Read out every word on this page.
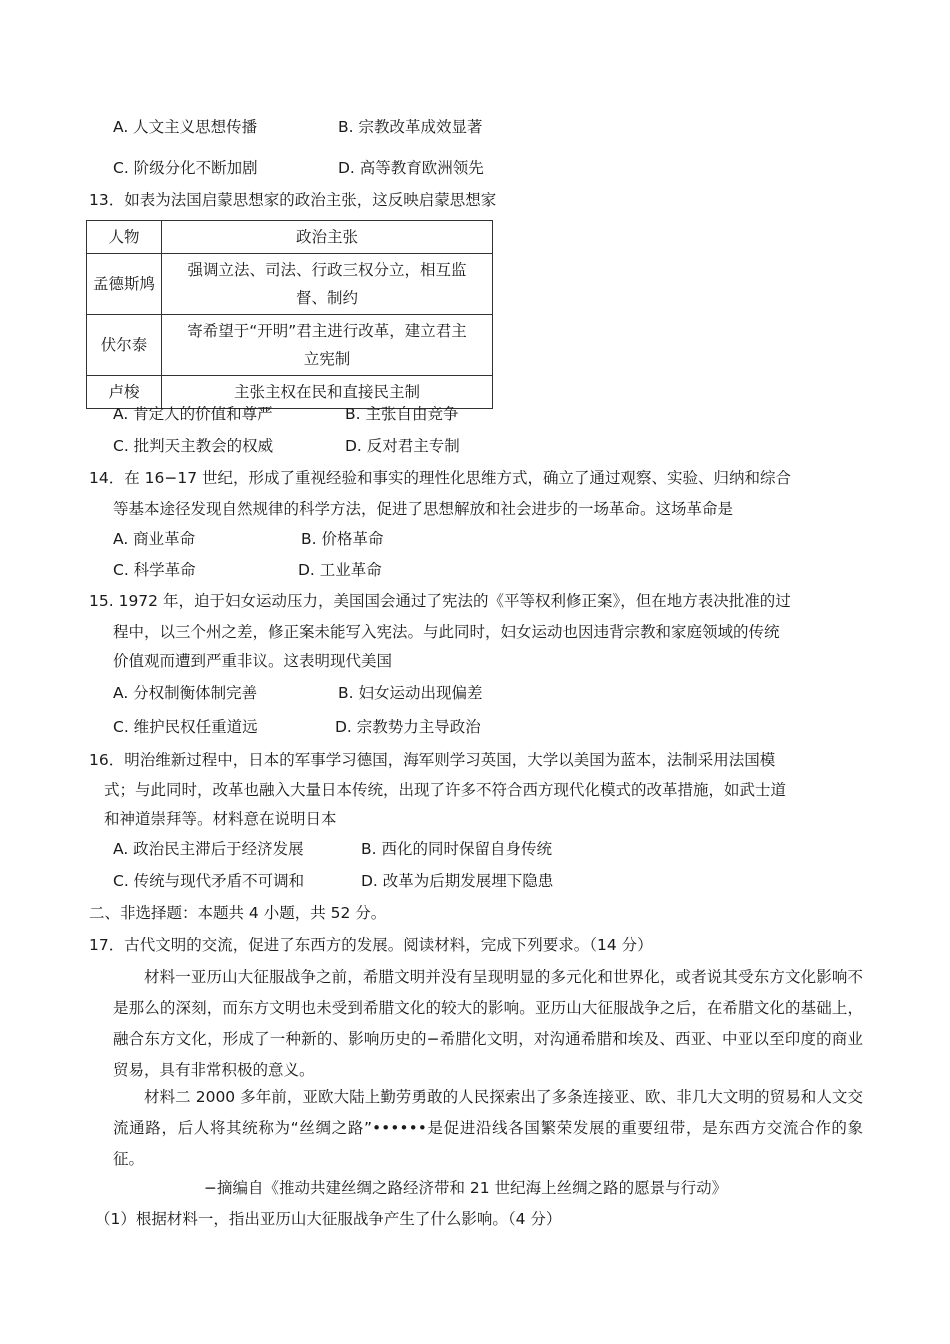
A. 人文主义思想传播	B. 宗教改革成效显著
C. 阶级分化不断加剧	D. 高等教育欧洲领先
13．如表为法国启蒙思想家的政治主张，这反映启蒙思想家
人物	政治主张
孟德斯鸠	强调立法、司法、行政三权分立，相互监
督、制约

伏尔泰	寄希望于“开明”君主进行改革，建立君主
立宪制

卢梭	主张主权在民和直接民主制
A. 肯定人的价值和尊严	B. 主张自由竞争
C. 批判天主教会的权威	D. 反对君主专制
14．在 16−17 世纪，形成了重视经验和事实的理性化思维方式，确立了通过观察、实验、归纳和综合
等基本途径发现自然规律的科学方法，促进了思想解放和社会进步的一场革命。这场革命是
A. 商业革命	B. 价格革命
C. 科学革命	D. 工业革命
15. 1972 年，迫于妇女运动压力，美国国会通过了宪法的《平等权利修正案》，但在地方表决批准的过
程中，以三个州之差，修正案未能写入宪法。与此同时，妇女运动也因违背宗教和家庭领域的传统
价值观而遭到严重非议。这表明现代美国
A. 分权制衡体制完善	B. 妇女运动出现偏差
C. 维护民权任重道远	D. 宗教势力主导政治
16．明治维新过程中，日本的军事学习德国，海军则学习英国，大学以美国为蓝本，法制采用法国模
式；与此同时，改革也融入大量日本传统，出现了许多不符合西方现代化模式的改革措施，如武士道
和神道崇拜等。材料意在说明日本
A. 政治民主滞后于经济发展	B. 西化的同时保留自身传统
C. 传统与现代矛盾不可调和	D. 改革为后期发展埋下隐患
二、非选择题：本题共 4 小题，共 52 分。
17．古代文明的交流，促进了东西方的发展。阅读材料，完成下列要求。（14 分）
材料一亚历山大征服战争之前，希腊文明并没有呈现明显的多元化和世界化，或者说其受东方文化影响不是那么的深刻，而东方文明也未受到希腊文化的较大的影响。亚历山大征服战争之后，在希腊文化的基础上，融合东方文化，形成了一种新的、影响历史的−希腊化文明，对沟通希腊和埃及、西亚、中亚以至印度的商业贸易，具有非常积极的意义。
材料二 2000 多年前，亚欧大陆上勤劳勇敢的人民探索出了多条连接亚、欧、非几大文明的贸易和人文交流通路，后人将其统称为“丝绸之路”••••••是促进沿线各国繁荣发展的重要纽带，是东西方交流合作的象征。
−摘编自《推动共建丝绸之路经济带和 21 世纪海上丝绸之路的愿景与行动》
（1）根据材料一，指出亚历山大征服战争产生了什么影响。（4 分）
